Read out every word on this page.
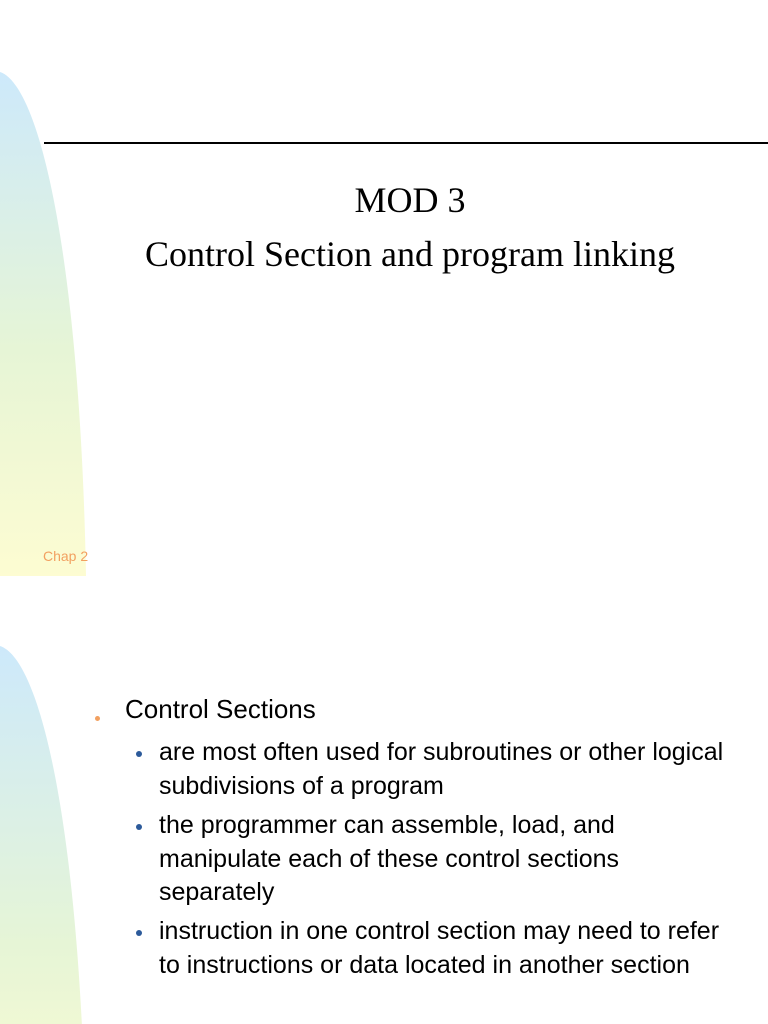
MOD 3
Control Section and program linking
Chap 2
Control Sections
are most often used for subroutines or other logical subdivisions of a program
the programmer can assemble, load, and manipulate each of these control sections separately
instruction in one control section may need to refer to instructions or data located in another section
